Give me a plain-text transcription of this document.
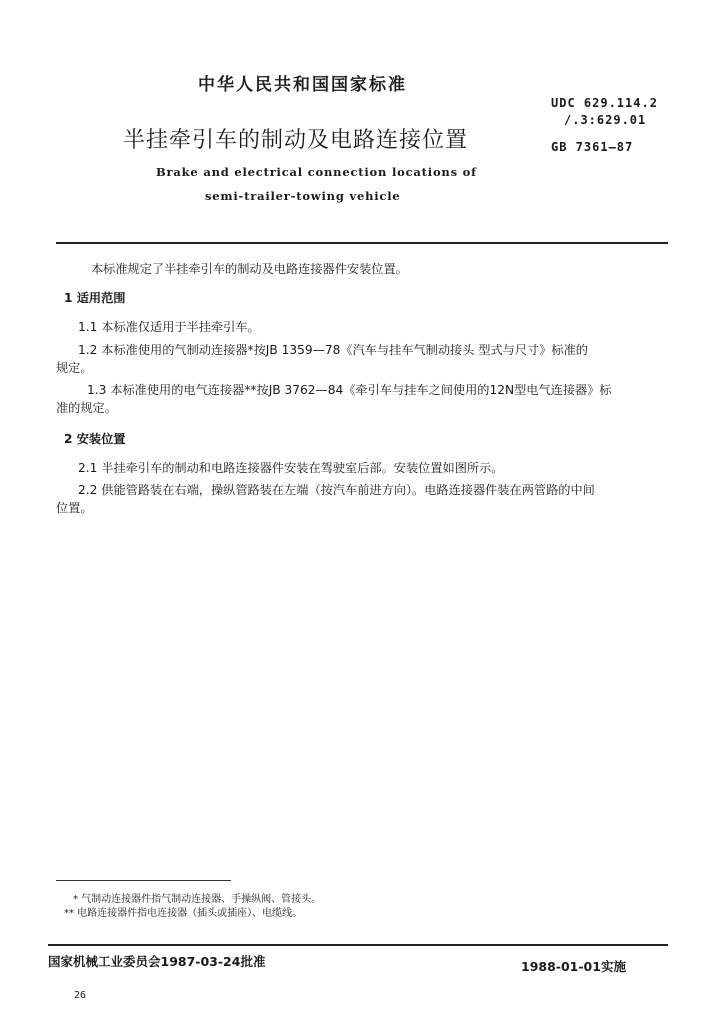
中华人民共和国国家标准
UDC 629.114.2
/.3:629.01
GB 7361—87
半挂牵引车的制动及电路连接位置
Brake and electrical connection locations of
semi-trailer-towing vehicle
本标准规定了半挂牵引车的制动及电路连接器件安装位置。
1 适用范围
1.1 本标准仅适用于半挂牵引车。
1.2 本标准使用的气制动连接器*按JB 1359—78《汽车与挂车气制动接头 型式与尺寸》标准的
规定。
1.3 本标准使用的电气连接器**按JB 3762—84《牵引车与挂车之间使用的12N型电气连接器》标
准的规定。
2 安装位置
2.1 半挂牵引车的制动和电路连接器件安装在驾驶室后部。安装位置如图所示。
2.2 供能管路装在右端，操纵管路装在左端（按汽车前进方向）。电路连接器件装在两管路的中间
位置。
* 气制动连接器件指气制动连接器、手操纵阀、管接头。
** 电路连接器件指电连接器（插头或插座）、电缆线。
国家机械工业委员会1987-03-24批准	1988-01-01实施
26
